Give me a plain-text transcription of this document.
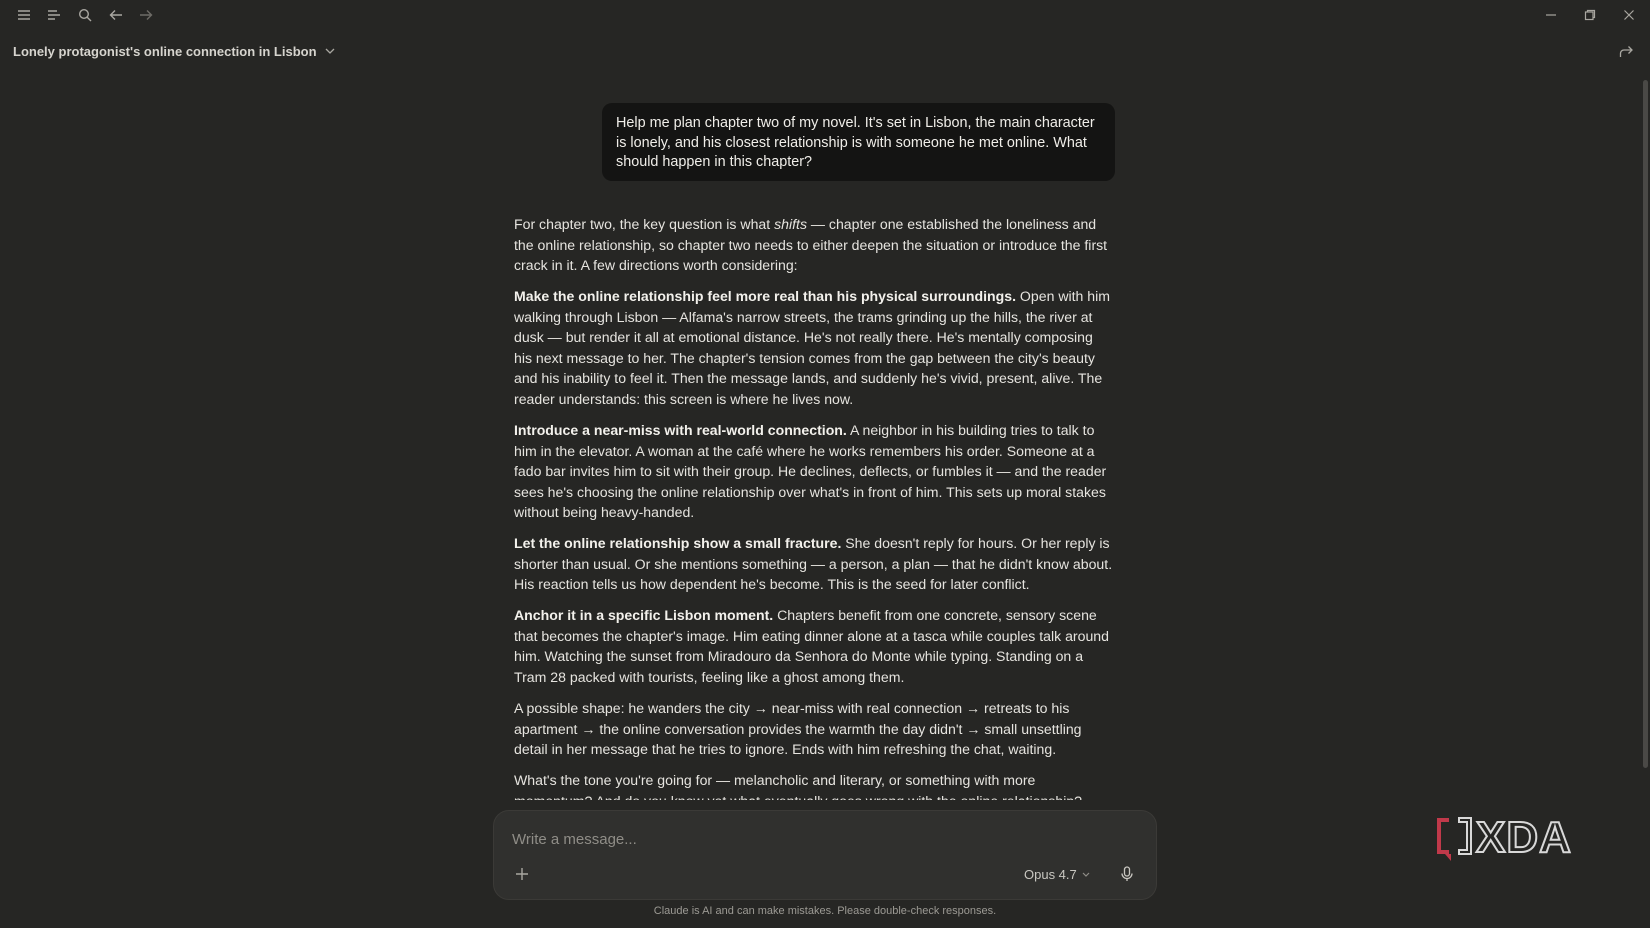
Lonely protagonist's online connection in Lisbon
Help me plan chapter two of my novel. It's set in Lisbon, the main character is lonely, and his closest relationship is with someone he met online. What should happen in this chapter?

For chapter two, the key question is what shifts — chapter one established the loneliness and the online relationship, so chapter two needs to either deepen the situation or introduce the first crack in it. A few directions worth considering:

Make the online relationship feel more real than his physical surroundings. Open with him walking through Lisbon — Alfama's narrow streets, the trams grinding up the hills, the river at dusk — but render it all at emotional distance. He's not really there. He's mentally composing his next message to her. The chapter's tension comes from the gap between the city's beauty and his inability to feel it. Then the message lands, and suddenly he's vivid, present, alive. The reader understands: this screen is where he lives now.

Introduce a near-miss with real-world connection. A neighbor in his building tries to talk to him in the elevator. A woman at the café where he works remembers his order. Someone at a fado bar invites him to sit with their group. He declines, deflects, or fumbles it — and the reader sees he's choosing the online relationship over what's in front of him. This sets up moral stakes without being heavy-handed.

Let the online relationship show a small fracture. She doesn't reply for hours. Or her reply is shorter than usual. Or she mentions something — a person, a plan — that he didn't know about. His reaction tells us how dependent he's become. This is the seed for later conflict.

Anchor it in a specific Lisbon moment. Chapters benefit from one concrete, sensory scene that becomes the chapter's image. Him eating dinner alone at a tasca while couples talk around him. Watching the sunset from Miradouro da Senhora do Monte while typing. Standing on a Tram 28 packed with tourists, feeling like a ghost among them.

A possible shape: he wanders the city → near-miss with real connection → retreats to his apartment → the online conversation provides the warmth the day didn't → small unsettling detail in her message that he tries to ignore. Ends with him refreshing the chat, waiting.

What's the tone you're going for — melancholic and literary, or something with more

Write a message...
Opus 4.7
Claude is AI and can make mistakes. Please double-check responses.
XDA
